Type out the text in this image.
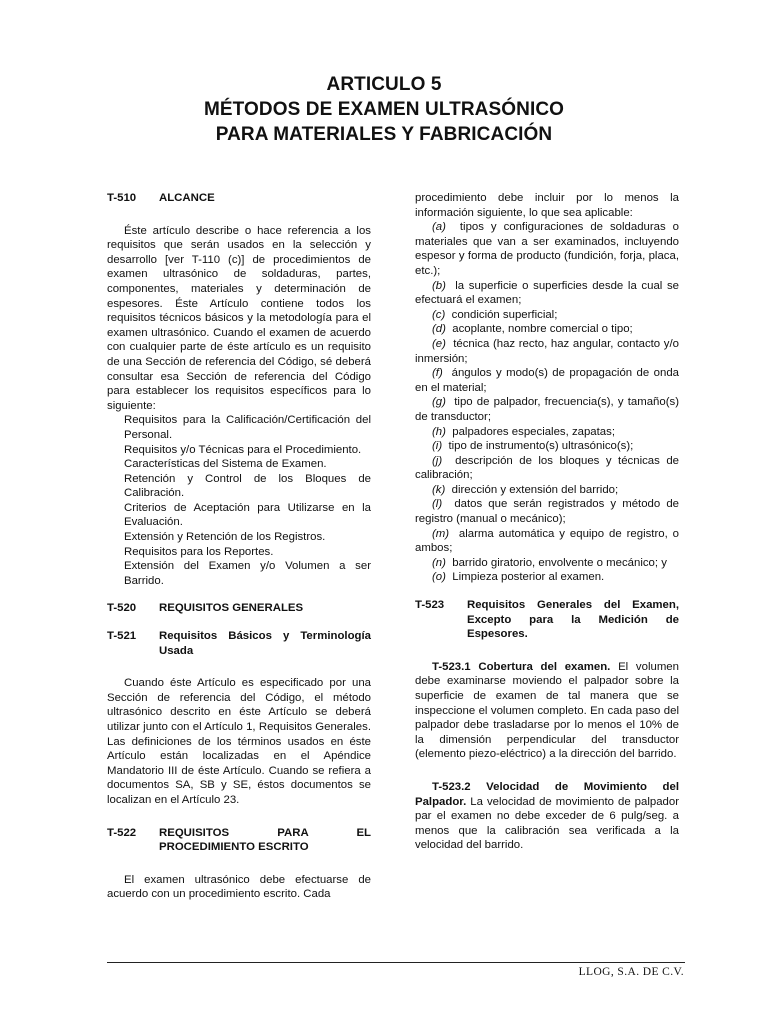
ARTICULO 5
MÉTODOS DE EXAMEN ULTRASÓNICO
PARA MATERIALES Y FABRICACIÓN
T-510	ALCANCE

Éste artículo describe o hace referencia a los requisitos que serán usados en la selección y desarrollo [ver T-110 (c)] de procedimientos de examen ultrasónico de soldaduras, partes, componentes, materiales y determinación de espesores. Éste Artículo contiene todos los requisitos técnicos básicos y la metodología para el examen ultrasónico. Cuando el examen de acuerdo con cualquier parte de éste artículo es un requisito de una Sección de referencia del Código, sé deberá consultar esa Sección de referencia del Código para establecer los requisitos específicos para lo siguiente:

Requisitos para la Calificación/Certificación del Personal.
Requisitos y/o Técnicas para el Procedimiento.
Características del Sistema de Examen.
Retención y Control de los Bloques de Calibración.
Criterios de Aceptación para Utilizarse en la Evaluación.
Extensión y Retención de los Registros.
Requisitos para los Reportes.
Extensión del Examen y/o Volumen a ser Barrido.
T-520	REQUISITOS GENERALES
T-521	Requisitos Básicos y Terminología Usada

Cuando éste Artículo es especificado por una Sección de referencia del Código, el método ultrasónico descrito en éste Artículo se deberá utilizar junto con el Artículo 1, Requisitos Generales. Las definiciones de los términos usados en éste Artículo están localizadas en el Apéndice Mandatorio III de éste Artículo. Cuando se refiera a documentos SA, SB y SE, éstos documentos se localizan en el Artículo 23.

T-522	REQUISITOS PARA EL PROCEDIMIENTO ESCRITO

El examen ultrasónico debe efectuarse de acuerdo con un procedimiento escrito. Cada

procedimiento debe incluir por lo menos la información siguiente, lo que sea aplicable:

(a) tipos y configuraciones de soldaduras o materiales que van a ser examinados, incluyendo espesor y forma de producto (fundición, forja, placa, etc.);
(b) la superficie o superficies desde la cual se efectuará el examen;
(c) condición superficial;
(d) acoplante, nombre comercial o tipo;
(e) técnica (haz recto, haz angular, contacto y/o inmersión;
(f) ángulos y modo(s) de propagación de onda en el material;
(g) tipo de palpador, frecuencia(s), y tamaño(s) de transductor;
(h) palpadores especiales, zapatas;
(i) tipo de instrumento(s) ultrasónico(s);
(j) descripción de los bloques y técnicas de calibración;
(k) dirección y extensión del barrido;
(l) datos que serán registrados y método de registro (manual o mecánico);
(m) alarma automática y equipo de registro, o ambos;
(n) barrido giratorio, envolvente o mecánico; y
(o) Limpieza posterior al examen.
T-523	Requisitos Generales del Examen, Excepto para la Medición de Espesores.

T-523.1 Cobertura del examen. El volumen debe examinarse moviendo el palpador sobre la superficie de examen de tal manera que se inspeccione el volumen completo. En cada paso del palpador debe trasladarse por lo menos el 10% de la dimensión perpendicular del transductor (elemento piezo-eléctrico) a la dirección del barrido.

T-523.2 Velocidad de Movimiento del Palpador. La velocidad de movimiento de palpador par el examen no debe exceder de 6 pulg/seg. a menos que la calibración sea verificada a la velocidad del barrido.

LLOG, S.A. DE C.V.
